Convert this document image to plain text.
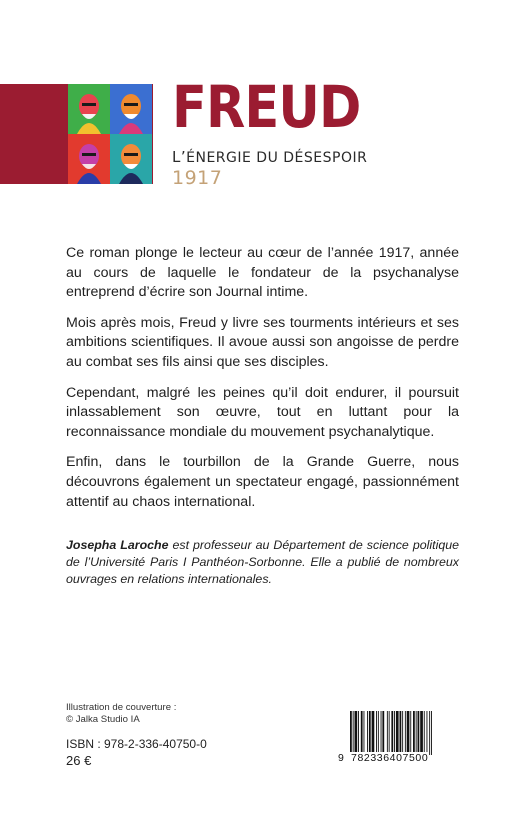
FREUD
L’ÉNERGIE DU DÉSESPOIR
1917

Ce roman plonge le lecteur au cœur de l’année 1917, année au cours de laquelle le fondateur de la psychanalyse entreprend d’écrire son Journal intime.

Mois après mois, Freud y livre ses tourments intérieurs et ses ambitions scientifiques. Il avoue aussi son angoisse de perdre au combat ses fils ainsi que ses disciples.

Cependant, malgré les peines qu’il doit endurer, il poursuit inlassablement son œuvre, tout en luttant pour la reconnaissance mondiale du mouvement psychanalytique.

Enfin, dans le tourbillon de la Grande Guerre, nous découvrons également un spectateur engagé, passionnément attentif au chaos international.

Josepha Laroche est professeur au Département de science politique de l’Université Paris I Panthéon-Sorbonne. Elle a publié de nombreux ouvrages en relations internationales.

Illustration de couverture :
© Jalka Studio IA
ISBN : 978-2-336-40750-0
26 €	9 782336407500
